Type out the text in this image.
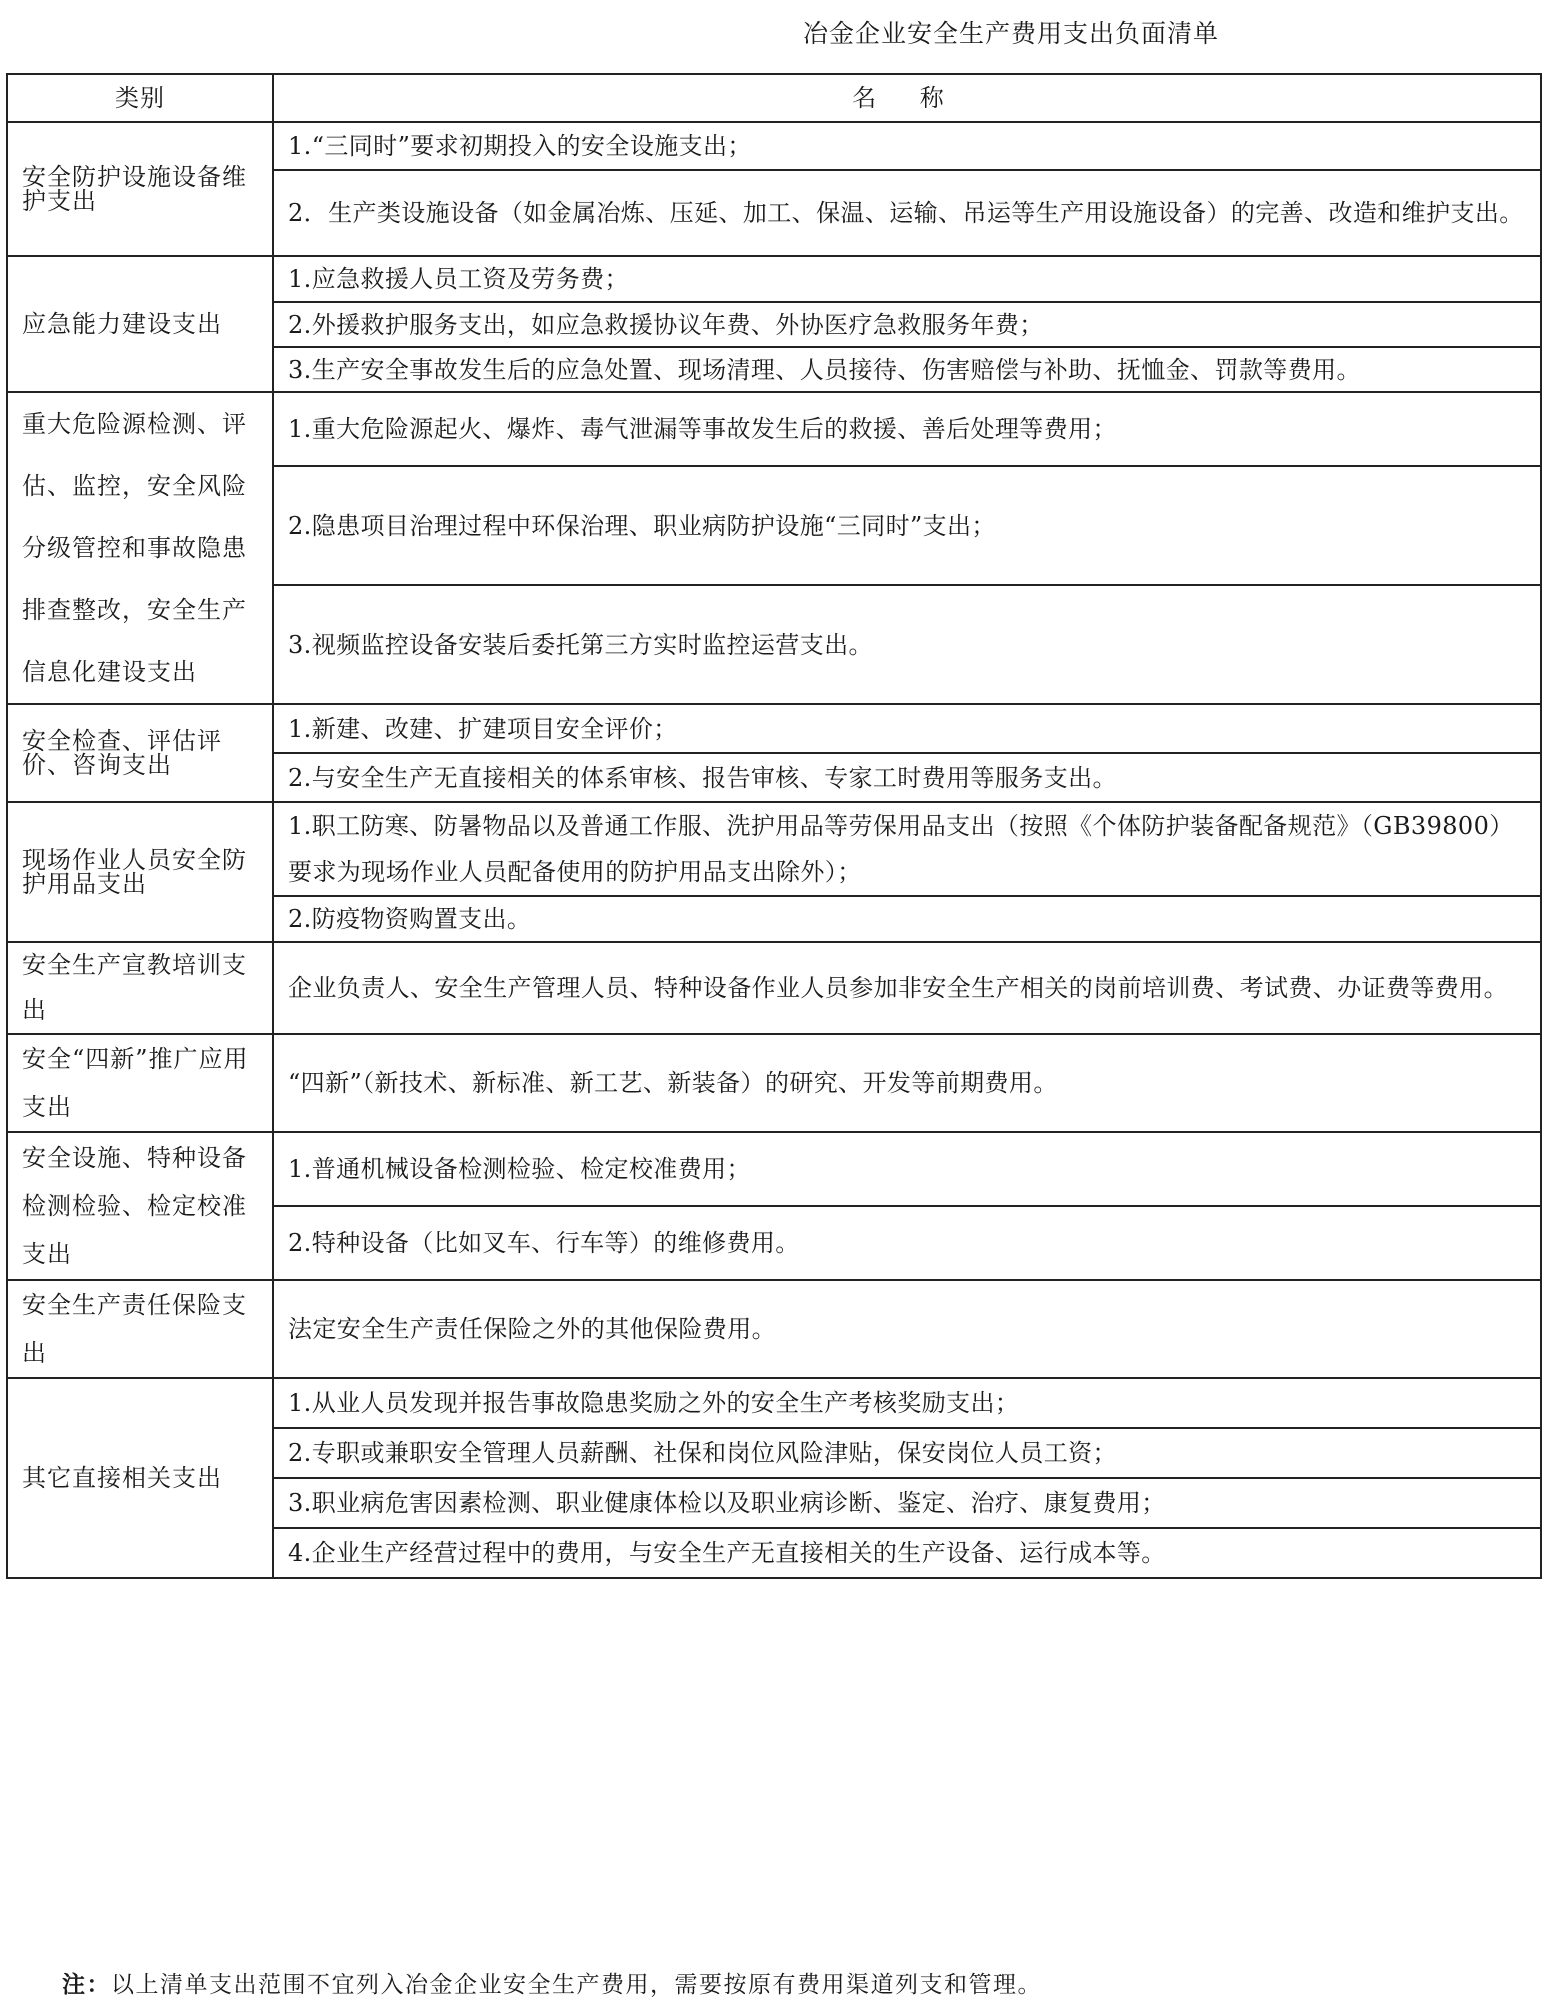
冶金企业安全生产费用支出负面清单
类别	名 称
安全防护设施设备维护支出	1.“三同时”要求初期投入的安全设施支出；
	2．生产类设施设备（如金属冶炼、压延、加工、保温、运输、吊运等生产用设施设备）的完善、改造和维护支出。
应急能力建设支出	1.应急救援人员工资及劳务费；
	2.外援救护服务支出，如应急救援协议年费、外协医疗急救服务年费；
	3.生产安全事故发生后的应急处置、现场清理、人员接待、伤害赔偿与补助、抚恤金、罚款等费用。
重大危险源检测、评估、监控，安全风险分级管控和事故隐患排查整改，安全生产信息化建设支出	1.重大危险源起火、爆炸、毒气泄漏等事故发生后的救援、善后处理等费用；
	2.隐患项目治理过程中环保治理、职业病防护设施“三同时”支出；
	3.视频监控设备安装后委托第三方实时监控运营支出。
安全检查、评估评价、咨询支出	1.新建、改建、扩建项目安全评价；
	2.与安全生产无直接相关的体系审核、报告审核、专家工时费用等服务支出。
现场作业人员安全防护用品支出	1.职工防寒、防暑物品以及普通工作服、洗护用品等劳保用品支出（按照《个体防护装备配备规范》（GB39800）要求为现场作业人员配备使用的防护用品支出除外）；
	2.防疫物资购置支出。
安全生产宣教培训支出	企业负责人、安全生产管理人员、特种设备作业人员参加非安全生产相关的岗前培训费、考试费、办证费等费用。
安全“四新”推广应用支出	“四新”（新技术、新标准、新工艺、新装备）的研究、开发等前期费用。
安全设施、特种设备检测检验、检定校准支出	1.普通机械设备检测检验、检定校准费用；
	2.特种设备（比如叉车、行车等）的维修费用。
安全生产责任保险支出	法定安全生产责任保险之外的其他保险费用。
其它直接相关支出	1.从业人员发现并报告事故隐患奖励之外的安全生产考核奖励支出；
	2.专职或兼职安全管理人员薪酬、社保和岗位风险津贴，保安岗位人员工资；
	3.职业病危害因素检测、职业健康体检以及职业病诊断、鉴定、治疗、康复费用；
	4.企业生产经营过程中的费用，与安全生产无直接相关的生产设备、运行成本等。
注：以上清单支出范围不宜列入冶金企业安全生产费用，需要按原有费用渠道列支和管理。
